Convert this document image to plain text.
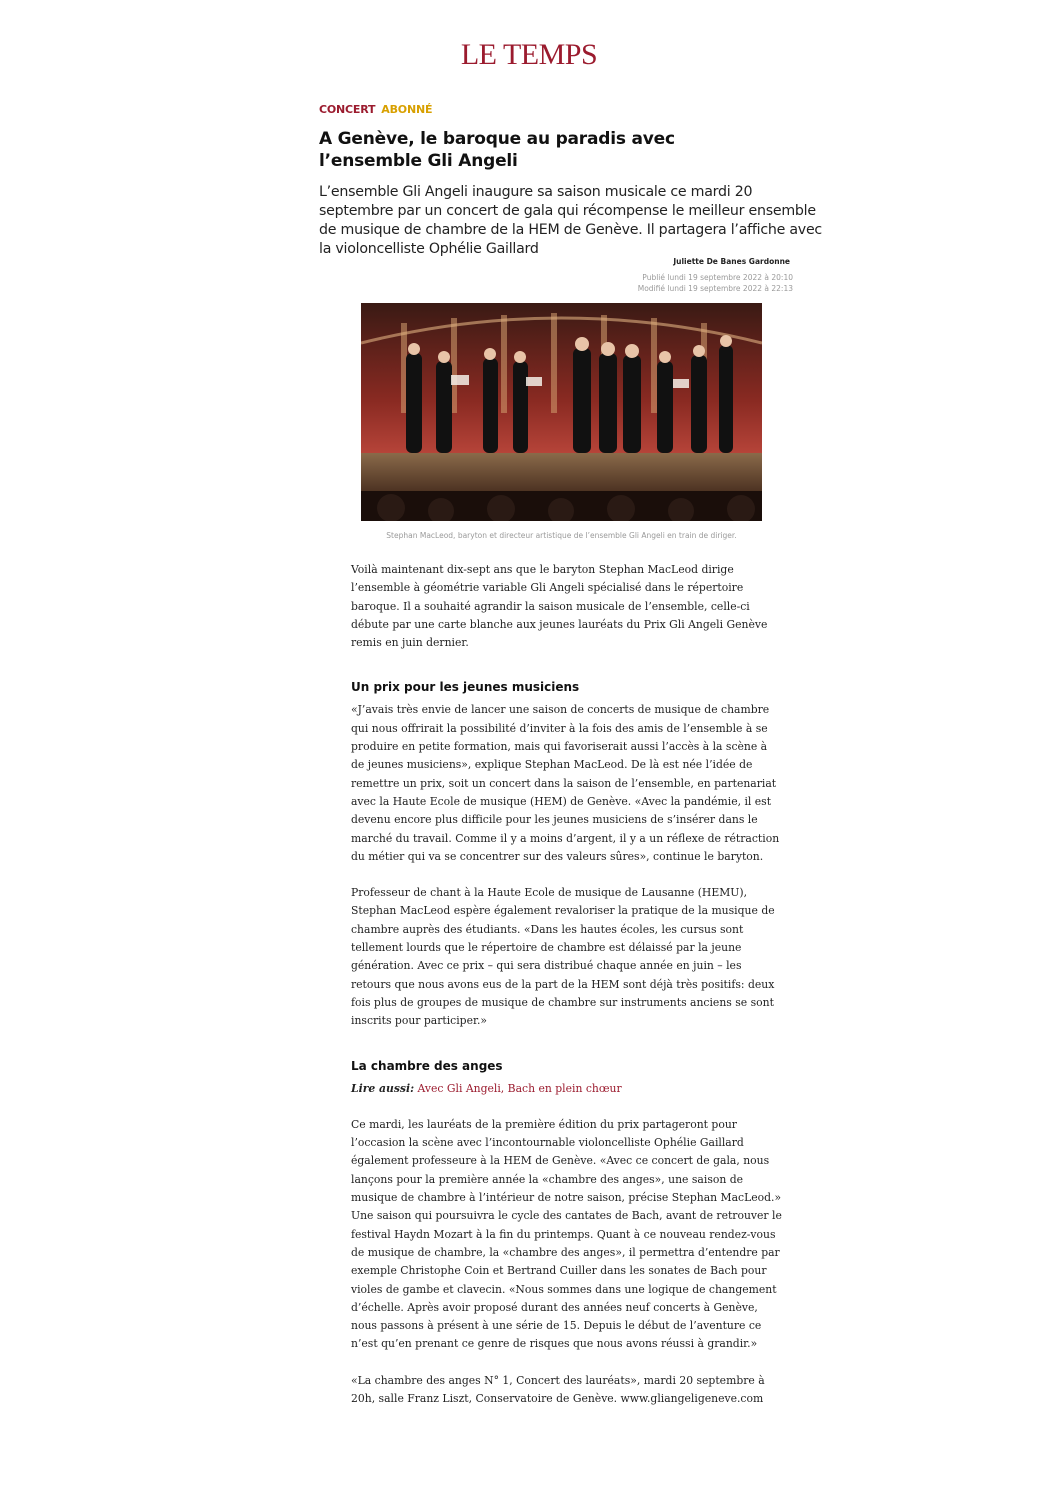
LE TEMPS
CONCERT ABONNÉ
A Genève, le baroque au paradis avec l’ensemble Gli Angeli

L’ensemble Gli Angeli inaugure sa saison musicale ce mardi 20 septembre par un concert de gala qui récompense le meilleur ensemble de musique de chambre de la HEM de Genève. Il partagera l’affiche avec la violoncelliste Ophélie Gaillard

Juliette De Banes Gardonne
Publié lundi 19 septembre 2022 à 20:10
Modifié lundi 19 septembre 2022 à 22:13
Stephan MacLeod, baryton et directeur artistique de l’ensemble Gli Angeli en train de diriger.

Voilà maintenant dix-sept ans que le baryton Stephan MacLeod dirige l’ensemble à géométrie variable Gli Angeli spécialisé dans le répertoire baroque. Il a souhaité agrandir la saison musicale de l’ensemble, celle-ci débute par une carte blanche aux jeunes lauréats du Prix Gli Angeli Genève remis en juin dernier.

Un prix pour les jeunes musiciens

«J’avais très envie de lancer une saison de concerts de musique de chambre qui nous offrirait la possibilité d’inviter à la fois des amis de l’ensemble à se produire en petite formation, mais qui favoriserait aussi l’accès à la scène à de jeunes musiciens», explique Stephan MacLeod. De là est née l’idée de remettre un prix, soit un concert dans la saison de l’ensemble, en partenariat avec la Haute Ecole de musique (HEM) de Genève. «Avec la pandémie, il est devenu encore plus difficile pour les jeunes musiciens de s’insérer dans le marché du travail. Comme il y a moins d’argent, il y a un réflexe de rétraction du métier qui va se concentrer sur des valeurs sûres», continue le baryton.

Professeur de chant à la Haute Ecole de musique de Lausanne (HEMU), Stephan MacLeod espère également revaloriser la pratique de la musique de chambre auprès des étudiants. «Dans les hautes écoles, les cursus sont tellement lourds que le répertoire de chambre est délaissé par la jeune génération. Avec ce prix – qui sera distribué chaque année en juin – les retours que nous avons eus de la part de la HEM sont déjà très positifs: deux fois plus de groupes de musique de chambre sur instruments anciens se sont inscrits pour participer.»

La chambre des anges

Lire aussi: Avec Gli Angeli, Bach en plein chœur

Ce mardi, les lauréats de la première édition du prix partageront pour l’occasion la scène avec l’incontournable violoncelliste Ophélie Gaillard également professeure à la HEM de Genève. «Avec ce concert de gala, nous lançons pour la première année la «chambre des anges», une saison de musique de chambre à l’intérieur de notre saison, précise Stephan MacLeod.» Une saison qui poursuivra le cycle des cantates de Bach, avant de retrouver le festival Haydn Mozart à la fin du printemps. Quant à ce nouveau rendez-vous de musique de chambre, la «chambre des anges», il permettra d’entendre par exemple Christophe Coin et Bertrand Cuiller dans les sonates de Bach pour violes de gambe et clavecin. «Nous sommes dans une logique de changement d’échelle. Après avoir proposé durant des années neuf concerts à Genève, nous passons à présent à une série de 15. Depuis le début de l’aventure ce n’est qu’en prenant ce genre de risques que nous avons réussi à grandir.»

«La chambre des anges N° 1, Concert des lauréats», mardi 20 septembre à 20h, salle Franz Liszt, Conservatoire de Genève. www.gliangeligeneve.com
